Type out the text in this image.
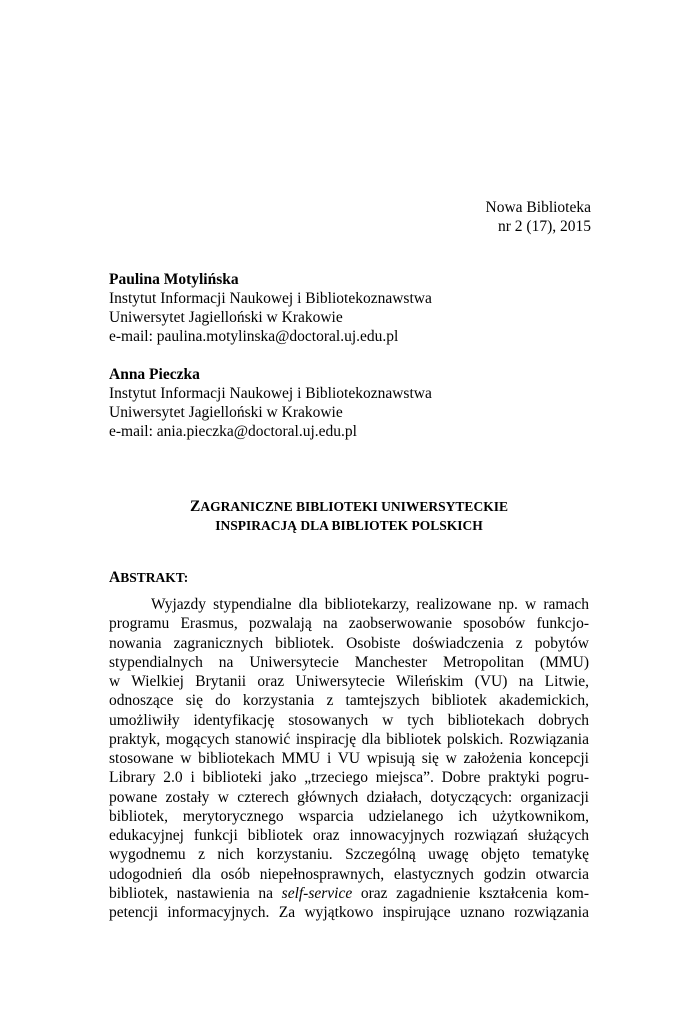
Nowa Biblioteka
nr 2 (17), 2015
Paulina Motylińska
Instytut Informacji Naukowej i Bibliotekoznawstwa
Uniwersytet Jagielloński w Krakowie
e-mail: paulina.motylinska@doctoral.uj.edu.pl
Anna Pieczka
Instytut Informacji Naukowej i Bibliotekoznawstwa
Uniwersytet Jagielloński w Krakowie
e-mail: ania.pieczka@doctoral.uj.edu.pl
ZAGRANICZNE BIBLIOTEKI UNIWERSYTECKIE
INSPIRACJĄ DLA BIBLIOTEK POLSKICH
ABSTRAKT:
Wyjazdy stypendialne dla bibliotekarzy, realizowane np. w ramach
programu Erasmus, pozwalają na zaobserwowanie sposobów funkcjo-
nowania zagranicznych bibliotek. Osobiste doświadczenia z pobytów
stypendialnych na Uniwersytecie Manchester Metropolitan (MMU)
w Wielkiej Brytanii oraz Uniwersytecie Wileńskim (VU) na Litwie,
odnoszące się do korzystania z tamtejszych bibliotek akademickich,
umożliwiły identyfikację stosowanych w tych bibliotekach dobrych
praktyk, mogących stanowić inspirację dla bibliotek polskich. Rozwiązania
stosowane w bibliotekach MMU i VU wpisują się w założenia koncepcji
Library 2.0 i biblioteki jako „trzeciego miejsca”. Dobre praktyki pogru-
powane zostały w czterech głównych działach, dotyczących: organizacji
bibliotek, merytorycznego wsparcia udzielanego ich użytkownikom,
edukacyjnej funkcji bibliotek oraz innowacyjnych rozwiązań służących
wygodnemu z nich korzystaniu. Szczególną uwagę objęto tematykę
udogodnień dla osób niepełnosprawnych, elastycznych godzin otwarcia
bibliotek, nastawienia na self-service oraz zagadnienie kształcenia kom-
petencji informacyjnych. Za wyjątkowo inspirujące uznano rozwiązania
